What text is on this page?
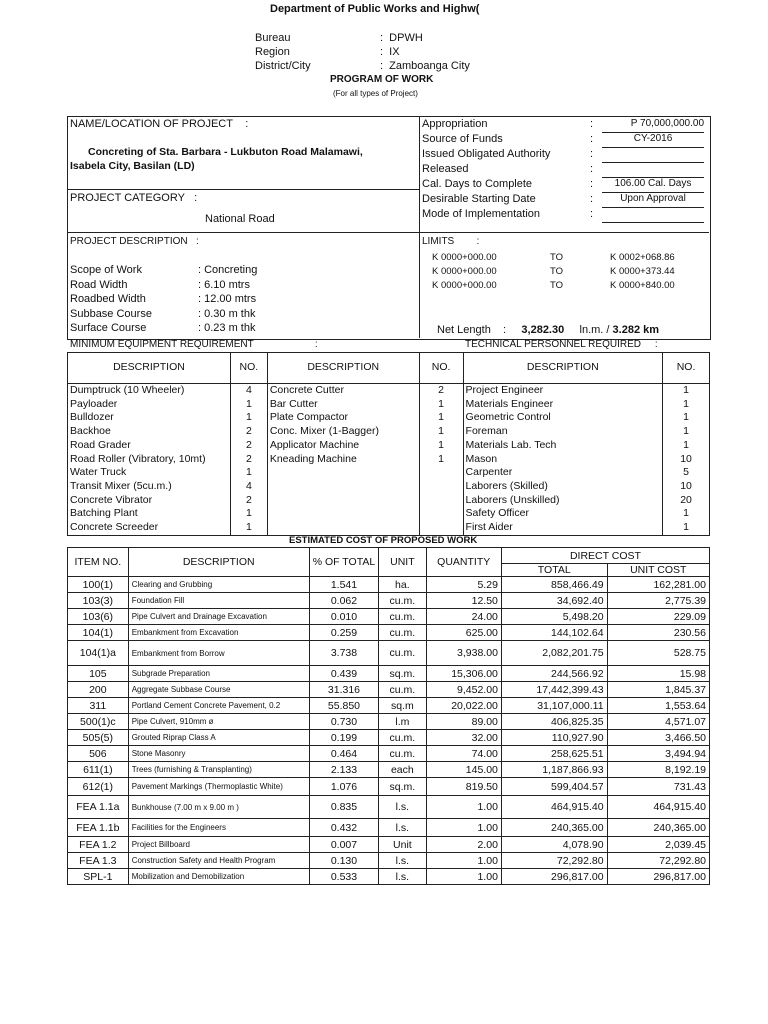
Department of Public Works and Highw(
Bureau	: DPWH
Region	: IX
District/City	: Zamboanga City
PROGRAM OF WORK
(For all types of Project)
NAME/LOCATION OF PROJECT    :
Concreting of Sta. Barbara - Lukbuton Road Malamawi,
Isabela City, Basilan (LD)
PROJECT CATEGORY   :
National Road
PROJECT DESCRIPTION   :
Scope of Work	: Concreting
Road Width	: 6.10 mtrs
Roadbed Width	: 12.00 mtrs
Subbase Course	: 0.30 m thk
Surface Course	: 0.23 m thk
Appropriation	:	P 70,000,000.00
Source of Funds	:	CY-2016
Issued Obligated Authority	:
Released	:
Cal. Days to Complete	:	106.00 Cal. Days
Desirable Starting Date	:	Upon Approval
Mode of Implementation	:
LIMITS        :
K 0000+000.00	TO	K 0002+068.86
K 0000+000.00	TO	K 0000+373.44
K 0000+000.00	TO	K 0000+840.00
Net Length    :     3,282.30 ln.m. / 3.282 km
MINIMUM EQUIPMENT REQUIREMENT                      :	TECHNICAL PERSONNEL REQUIRED     :
DESCRIPTION	NO.	DESCRIPTION	NO.	DESCRIPTION	NO.
Dumptruck (10 Wheeler)	4	Concrete Cutter	2	Project Engineer	1
Payloader	1	Bar Cutter	1	Materials Engineer	1
Bulldozer	1	Plate Compactor	1	Geometric Control	1
Backhoe	2	Conc. Mixer (1-Bagger)	1	Foreman	1
Road Grader	2	Applicator Machine	1	Materials Lab. Tech	1
Road Roller (Vibratory, 10mt)	2	Kneading Machine	1	Mason	10
Water Truck	1			Carpenter	5
Transit Mixer (5cu.m.)	4			Laborers (Skilled)	10
Concrete Vibrator	2			Laborers (Unskilled)	20
Batching Plant	1			Safety Officer	1
Concrete Screeder	1			First Aider	1
ESTIMATED COST OF PROPOSED WORK
ITEM NO.	DESCRIPTION	% OF TOTAL	UNIT	QUANTITY	DIRECT COST	
					TOTAL	UNIT COST
100(1)	Clearing and Grubbing	1.541	ha.	5.29	858,466.49	162,281.00
103(3)	Foundation Fill	0.062	cu.m.	12.50	34,692.40	2,775.39
103(6)	Pipe Culvert and Drainage Excavation	0.010	cu.m.	24.00	5,498.20	229.09
104(1)	Embankment from Excavation	0.259	cu.m.	625.00	144,102.64	230.56
104(1)a	Embankment from Borrow	3.738	cu.m.	3,938.00	2,082,201.75	528.75
105	Subgrade Preparation	0.439	sq.m.	15,306.00	244,566.92	15.98
200	Aggregate Subbase Course	31.316	cu.m.	9,452.00	17,442,399.43	1,845.37
311	Portland Cement Concrete Pavement, 0.2	55.850	sq.m	20,022.00	31,107,000.11	1,553.64
500(1)c	Pipe Culvert, 910mm ø	0.730	l.m	89.00	406,825.35	4,571.07
505(5)	Grouted Riprap Class A	0.199	cu.m.	32.00	110,927.90	3,466.50
506	Stone Masonry	0.464	cu.m.	74.00	258,625.51	3,494.94
611(1)	Trees (furnishing & Transplanting)	2.133	each	145.00	1,187,866.93	8,192.19
612(1)	Pavement Markings (Thermoplastic White)	1.076	sq.m.	819.50	599,404.57	731.43
FEA 1.1a	Bunkhouse (7.00 m x 9.00 m )	0.835	l.s.	1.00	464,915.40	464,915.40
FEA 1.1b	Facilities for the Engineers	0.432	l.s.	1.00	240,365.00	240,365.00
FEA 1.2	Project Billboard	0.007	Unit	2.00	4,078.90	2,039.45
FEA 1.3	Construction Safety and Health Program	0.130	l.s.	1.00	72,292.80	72,292.80
SPL-1	Mobilization and Demobilization	0.533	l.s.	1.00	296,817.00	296,817.00
